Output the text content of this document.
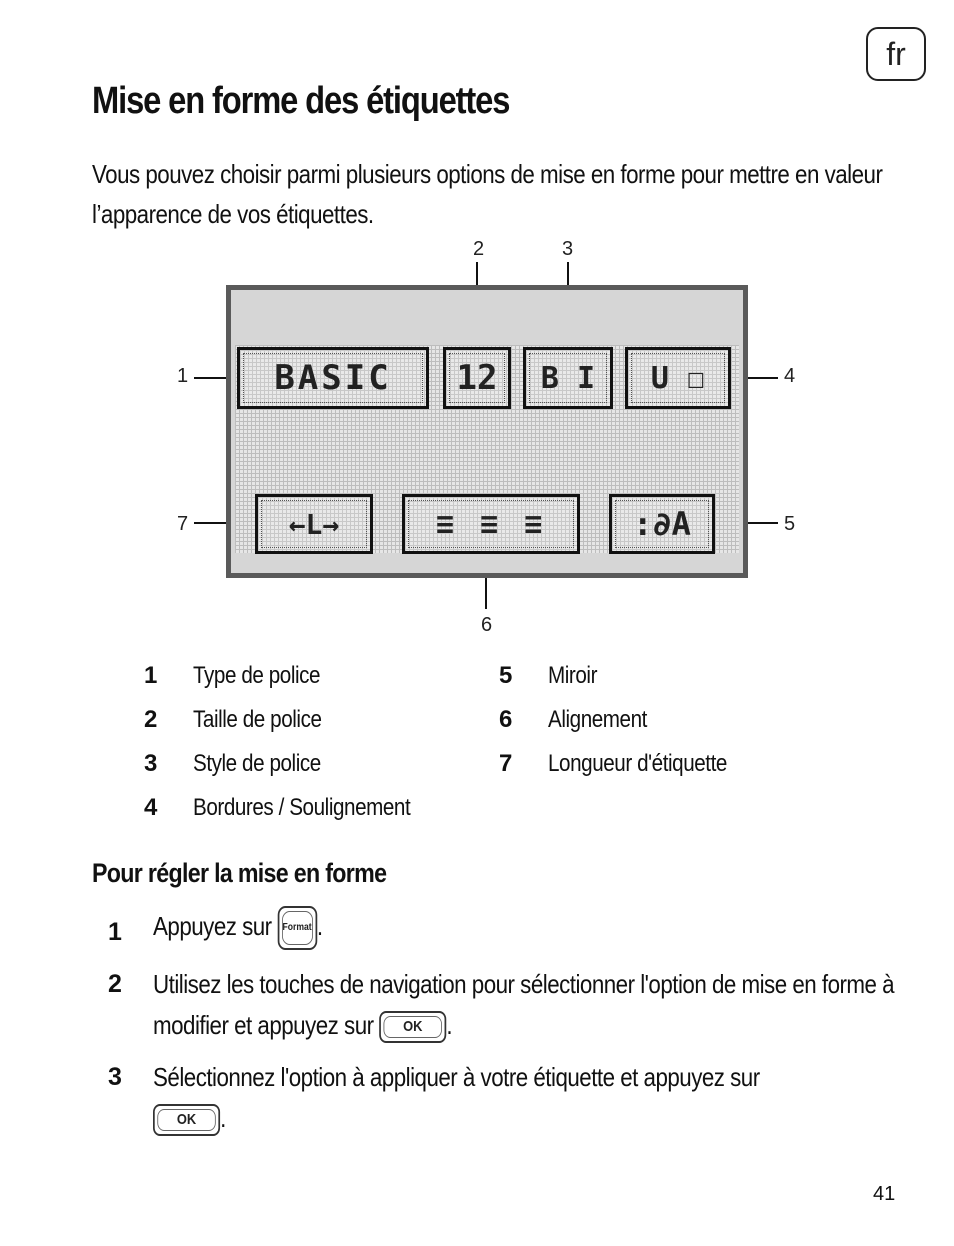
fr
Mise en forme des étiquettes

Vous pouvez choisir parmi plusieurs options de mise en forme pour mettre en valeur l’apparence de vos étiquettes.

2	3
1	4
7	5
6
BASIC 12 B I U ☐
←L→	≡ ≡ ≡	:∂A
1 Type de police
2 Taille de police
3 Style de police
4 Bordures / Soulignement
5 Miroir
6 Alignement
7 Longueur d'étiquette
Pour régler la mise en forme
1 Appuyez sur Format .
2 Utilisez les touches de navigation pour sélectionner l'option de mise en forme à modifier et appuyez sur OK .
3 Sélectionnez l'option à appliquer à votre étiquette et appuyez sur OK .
41
